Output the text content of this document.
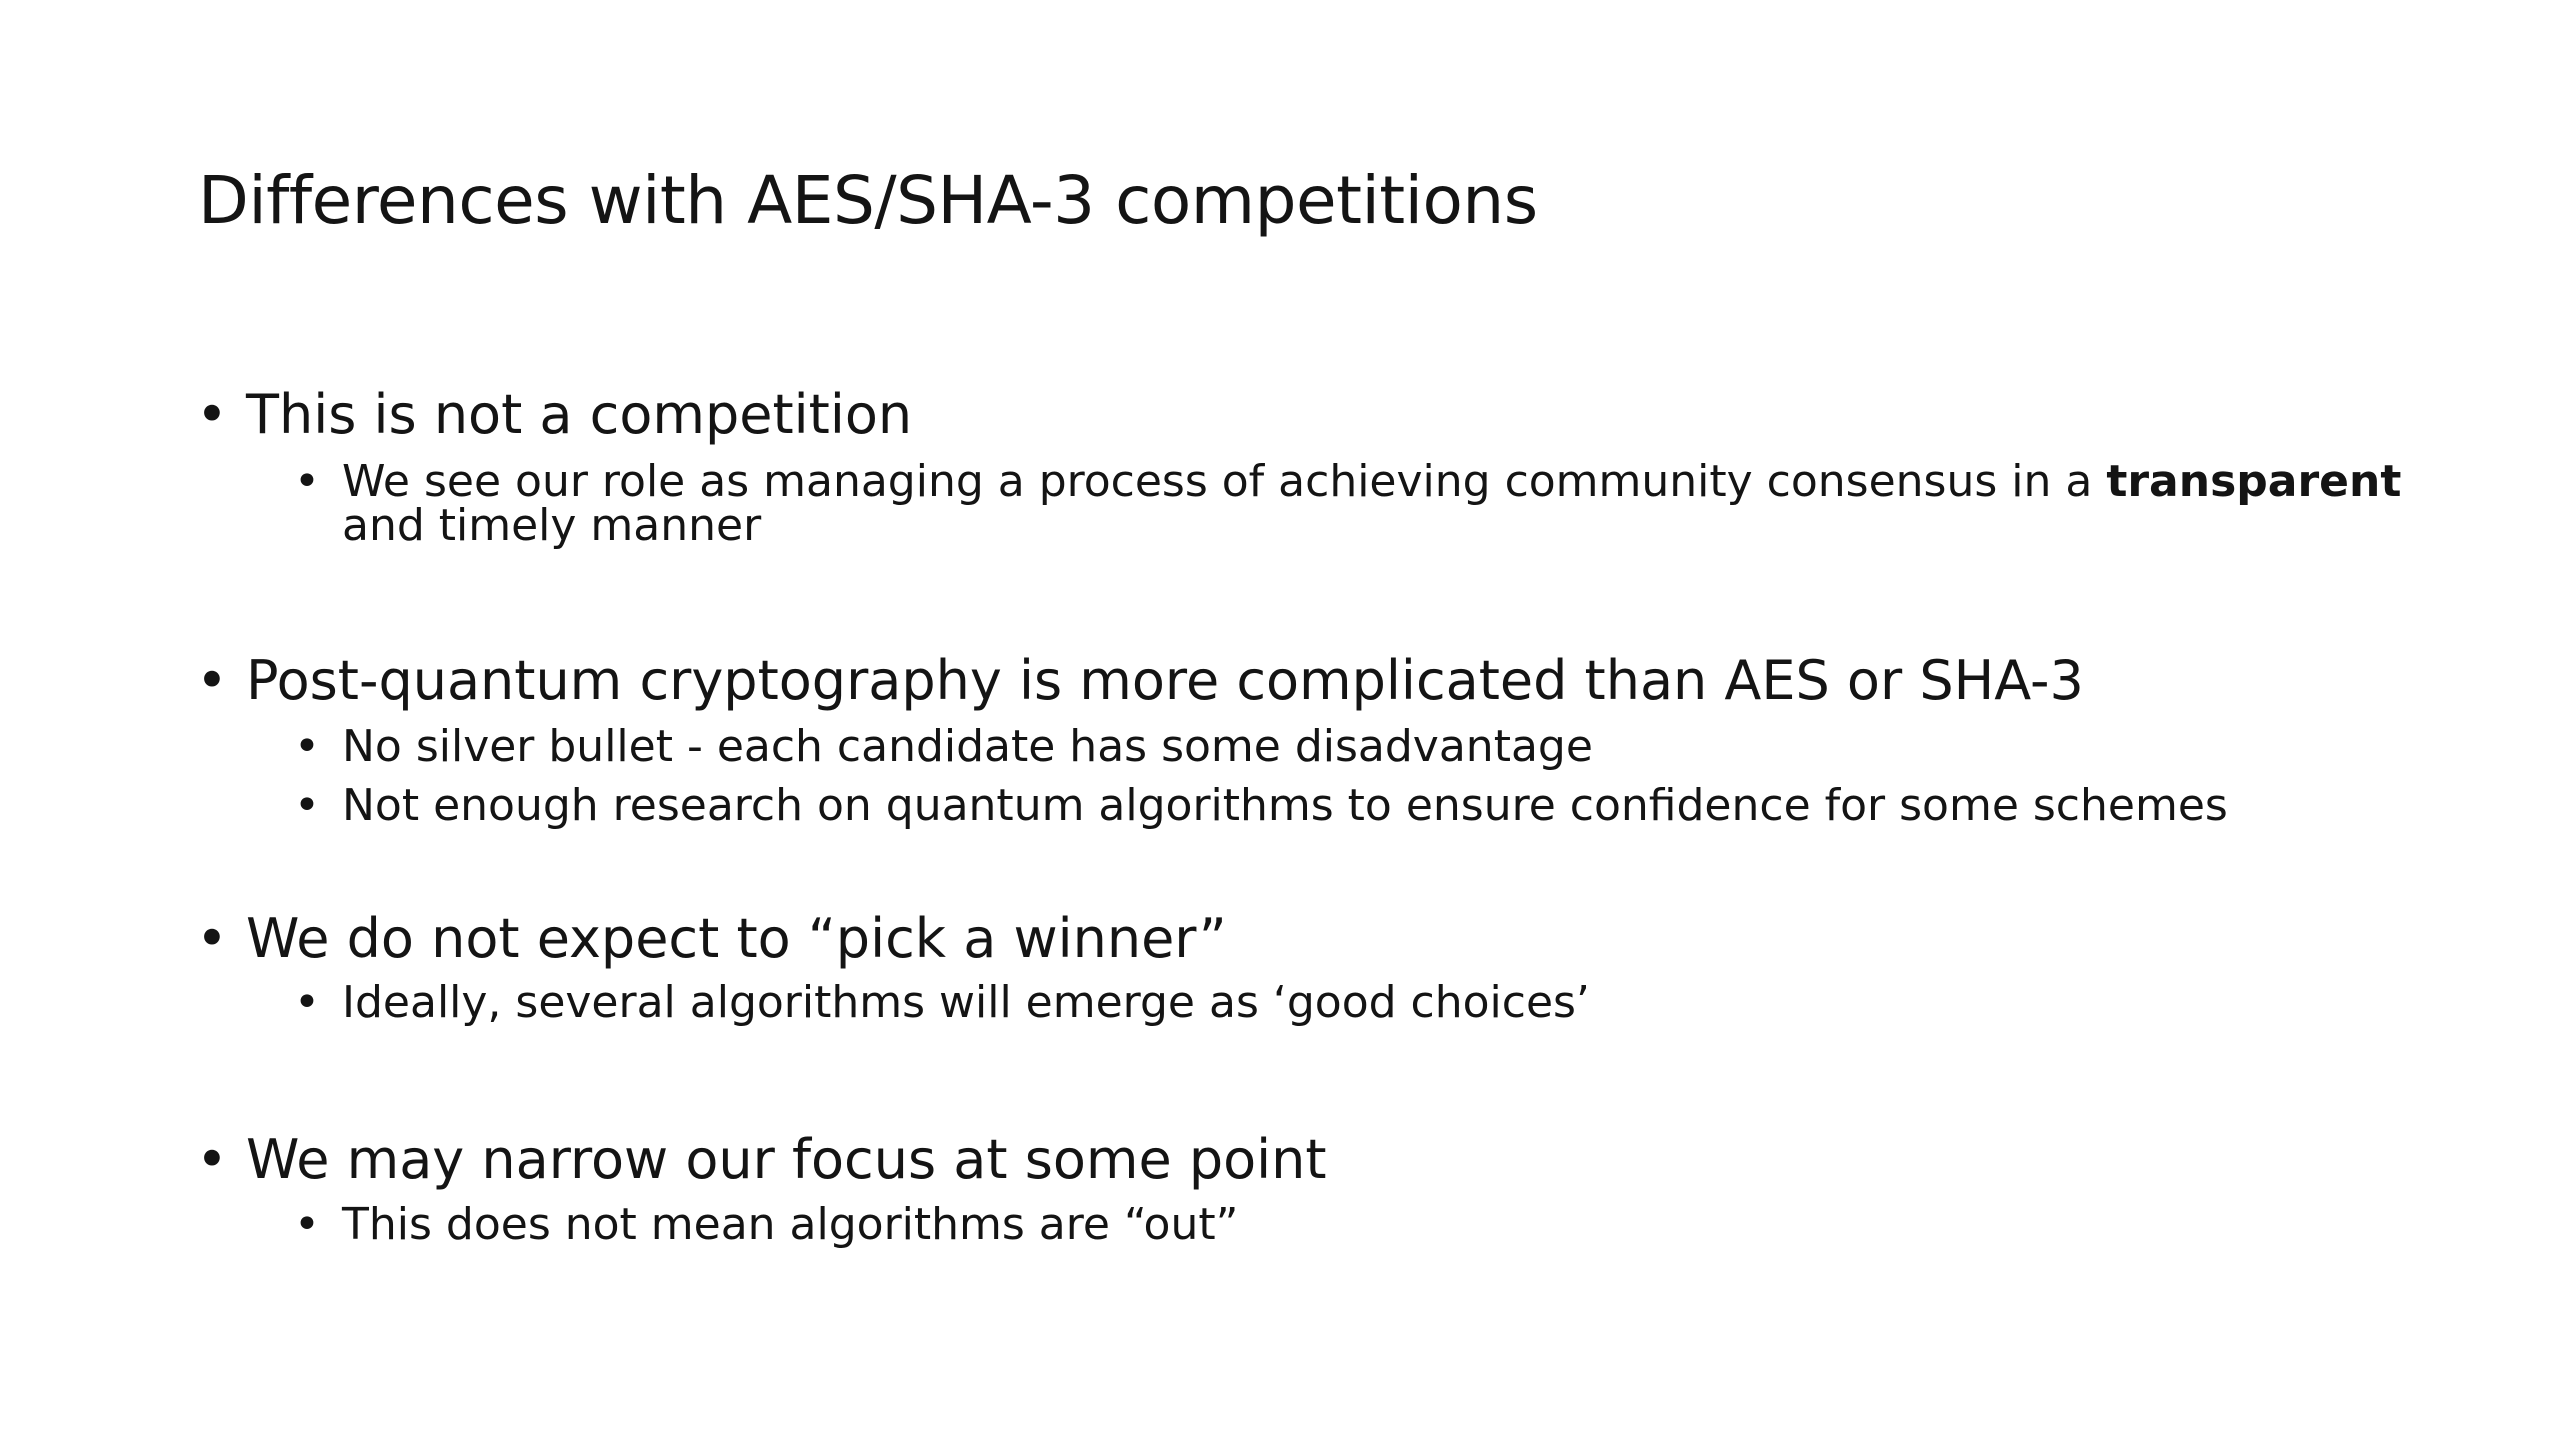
Differences with AES/SHA-3 competitions
• This is not a competition
• We see our role as managing a process of achieving community consensus in a transparent and timely manner
• Post-quantum cryptography is more complicated than AES or SHA-3
• No silver bullet - each candidate has some disadvantage
• Not enough research on quantum algorithms to ensure confidence for some schemes
• We do not expect to “pick a winner”
• Ideally, several algorithms will emerge as ‘good choices’
• We may narrow our focus at some point
• This does not mean algorithms are “out”
